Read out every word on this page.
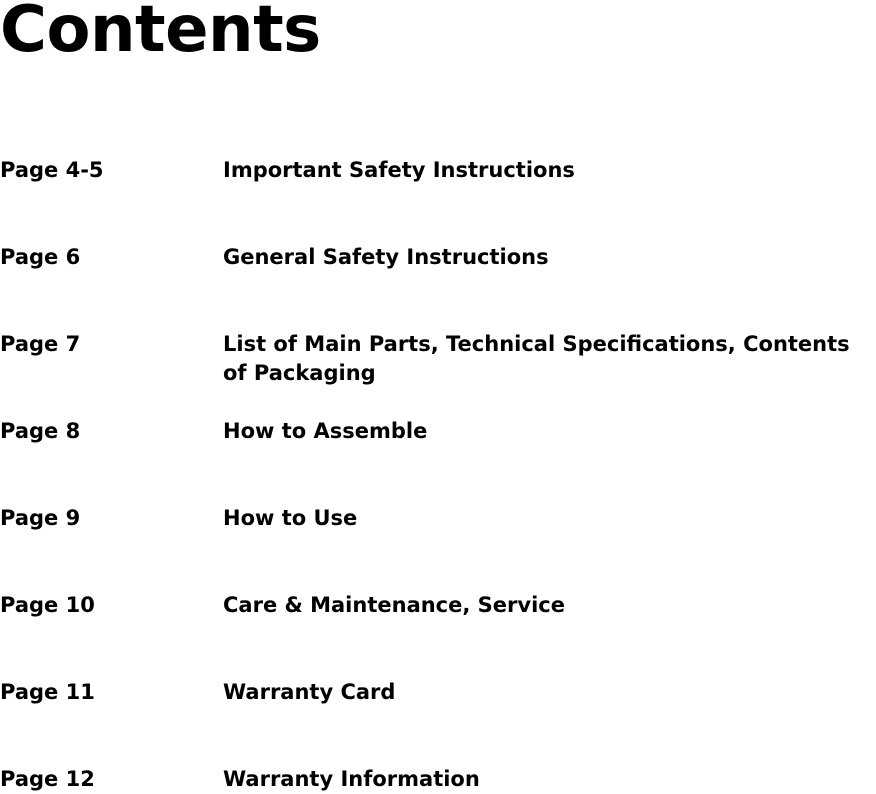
Contents
Page 4-5	Important Safety Instructions
Page 6	General Safety Instructions
Page 7	List of Main Parts, Technical Specifications, Contents of Packaging
Page 8	How to Assemble
Page 9	How to Use
Page 10	Care & Maintenance, Service
Page 11	Warranty Card
Page 12	Warranty Information
